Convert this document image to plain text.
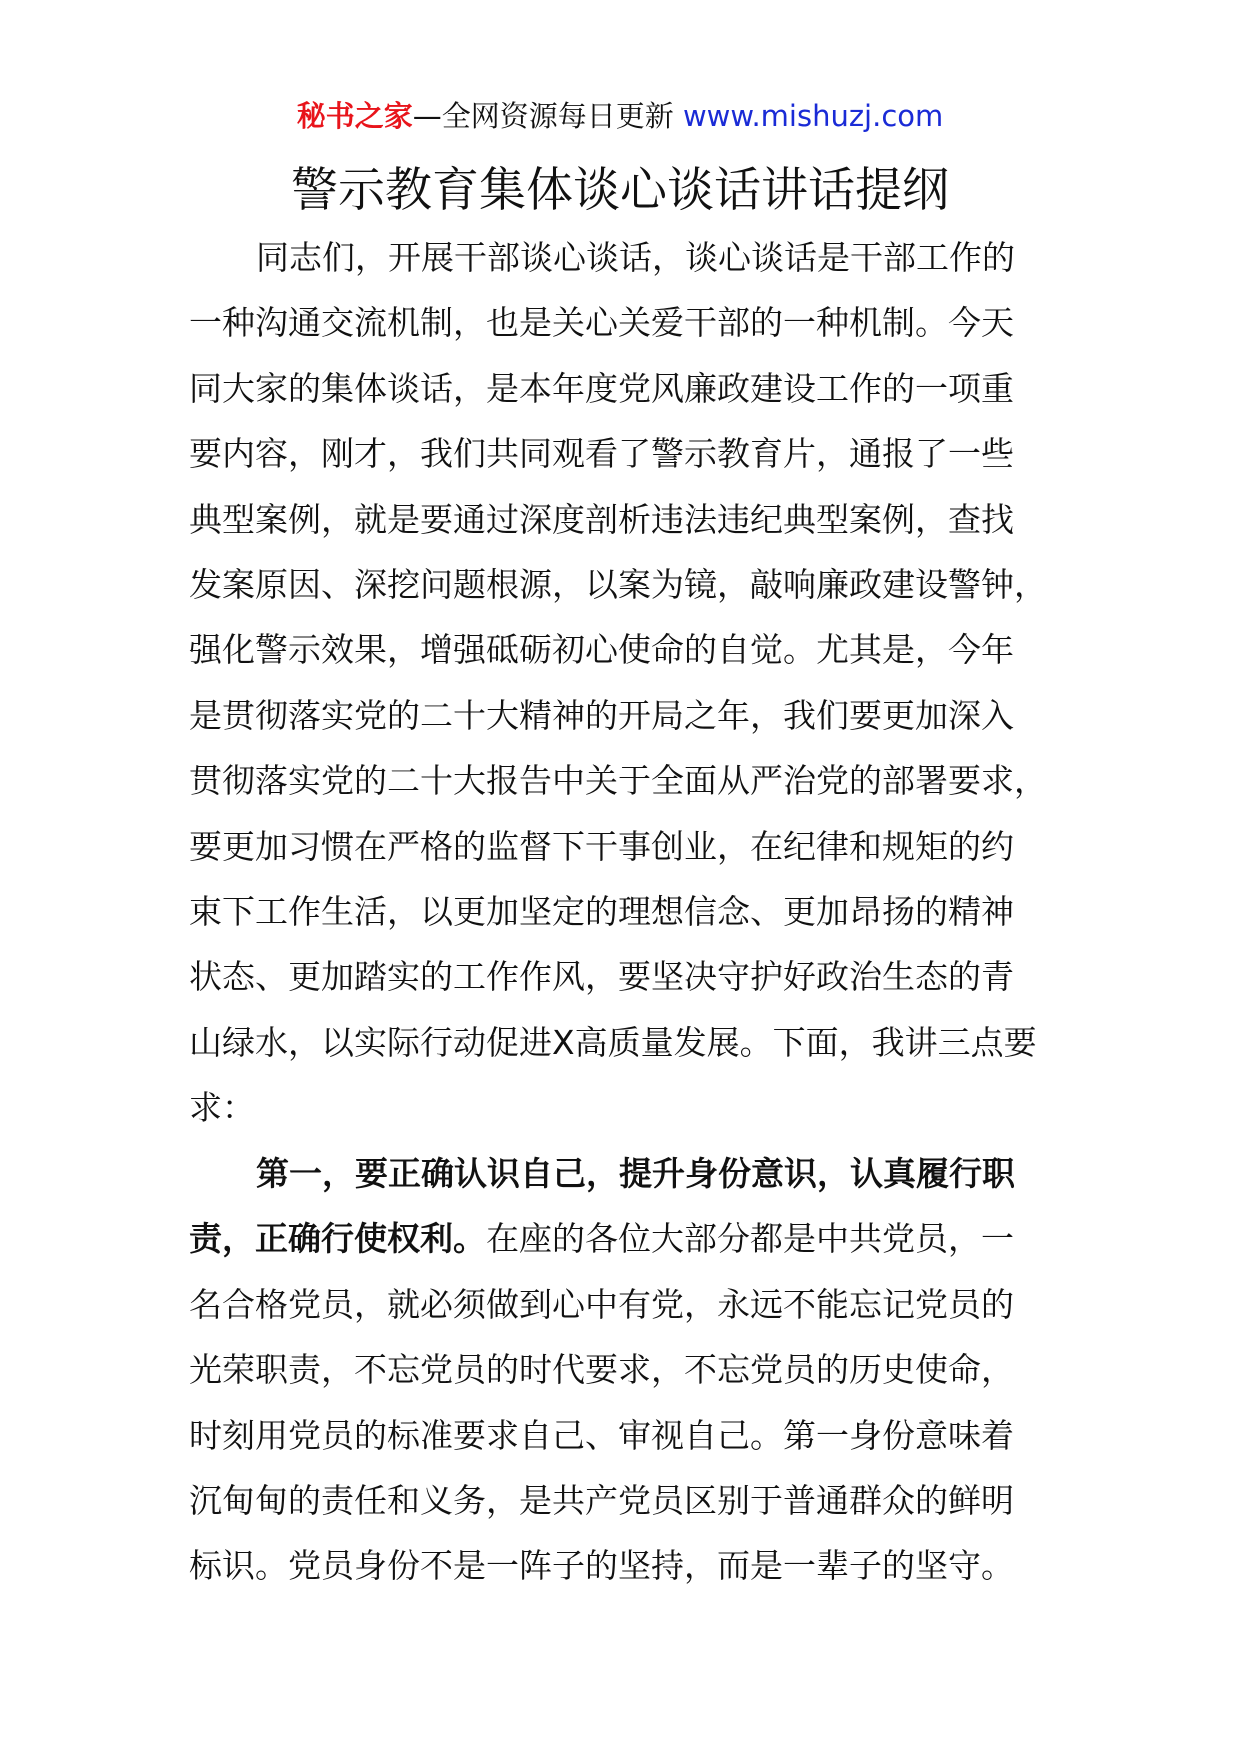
秘书之家—全网资源每日更新 www.mishuzj.com
警示教育集体谈心谈话讲话提纲
同志们，开展干部谈心谈话，谈心谈话是干部工作的
一种沟通交流机制，也是关心关爱干部的一种机制。今天
同大家的集体谈话，是本年度党风廉政建设工作的一项重
要内容，刚才，我们共同观看了警示教育片，通报了一些
典型案例，就是要通过深度剖析违法违纪典型案例，查找
发案原因、深挖问题根源，以案为镜，敲响廉政建设警钟，
强化警示效果，增强砥砺初心使命的自觉。尤其是，今年
是贯彻落实党的二十大精神的开局之年，我们要更加深入
贯彻落实党的二十大报告中关于全面从严治党的部署要求，
要更加习惯在严格的监督下干事创业，在纪律和规矩的约
束下工作生活，以更加坚定的理想信念、更加昂扬的精神
状态、更加踏实的工作作风，要坚决守护好政治生态的青
山绿水，以实际行动促进X高质量发展。下面，我讲三点要
求：
第一，要正确认识自己，提升身份意识，认真履行职
责，正确行使权利。在座的各位大部分都是中共党员，一
名合格党员，就必须做到心中有党，永远不能忘记党员的
光荣职责，不忘党员的时代要求，不忘党员的历史使命，
时刻用党员的标准要求自己、审视自己。第一身份意味着
沉甸甸的责任和义务，是共产党员区别于普通群众的鲜明
标识。党员身份不是一阵子的坚持，而是一辈子的坚守。
